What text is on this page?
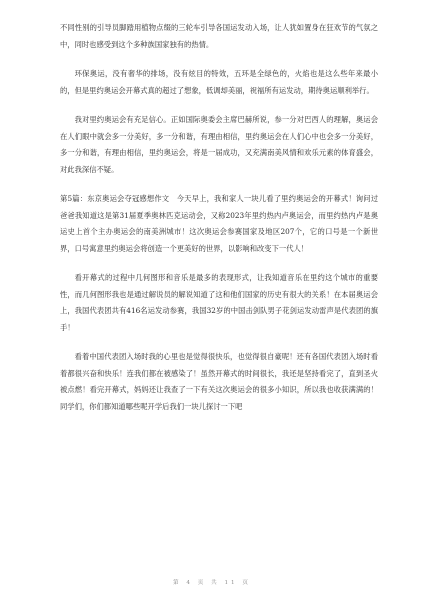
不同性别的引导员脚踏用植物点缀的三轮车引导各国运发动入场，让人犹如置身在狂欢节的气氛之中，同时也感受到这个多种族国家独有的热情。

环保奥运，没有奢华的排场，没有炫目的特效，五环是全绿色的，火焰也是这么些年来最小的，但是里约奥运会开幕式真的超过了想象，低调却美丽，祝福所有运发动，期待奥运顺利举行。

我对里约奥运会有充足信心。正如国际奥委会主席巴赫所说，参一分对巴西人的理解，奥运会在人们眼中就会多一分美好，多一分和谐，有理由相信，里约奥运会在人们心中也会多一分美好，多一分和谐，有理由相信，里约奥运会，将是一届成功，又充满南美风情和欢乐元素的体育盛会，对此我深信不疑。

第5篇：东京奥运会夺冠感想作文　今天早上，我和家人一块儿看了里约奥运会的开幕式！询问过爸爸我知道这是第31届夏季奥林匹克运动会，又称2023年里约热内卢奥运会，而里约热内卢是奥运史上首个主办奥运会的南美洲城市！这次奥运会参赛国家及地区207个，它的口号是一个新世界，口号寓意里约奥运会将创造一个更美好的世界，以影响和改变下一代人！

看开幕式的过程中几何图形和音乐是最多的表现形式，让我知道音乐在里约这个城市的重要性，而几何图形我也是通过解说员的解说知道了这和他们国家的历史有很大的关系！在本届奥运会上，我国代表团共有416名运发动参赛，我国32岁的中国击剑队男子花剑运发动雷声是代表团的旗手！

看着中国代表团入场时我的心里也是觉得很快乐，也觉得很自豪呢！还有各国代表团入场时看着都很兴奋和快乐！连我们都在被感染了！虽然开幕式的时间很长，我还是坚持看完了，直到圣火被点燃！看完开幕式，妈妈还让我查了一下有关这次奥运会的很多小知识，所以我也收获满满的！同学们，你们都知道哪些呢开学后我们一块儿探讨一下吧

第 4 页 共 11 页
